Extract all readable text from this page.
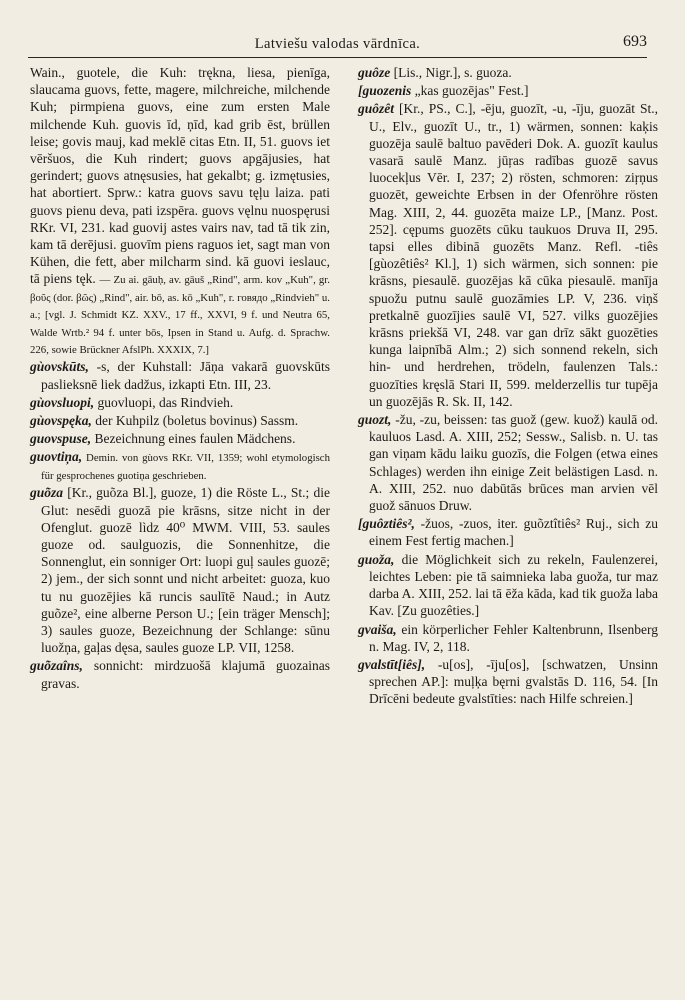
Latviešu valodas vārdnīca.	693
Wain., guotele, die Kuh: trękna, liesa, pienīga, slaucama guovs, fette, magere, milchreiche, milchende Kuh; pirmpiena guovs, eine zum ersten Male milchende Kuh. guovis īd, ņīd, kad grib ēst, brüllen leise; govis mauj, kad meklē citas Etn. II, 51. guovs iet vēršuos, die Kuh rindert; guovs apgājusies, hat gerindert; guovs atnęsusies, hat gekalbt; g. izmętusies, hat abortiert. Sprw.: katra guovs savu tęļu laiza. pati guovs pienu deva, pati izspēra. guovs vęlnu nuospęrusi RKr. VI, 231. kad guovij astes vairs nav, tad tā tik zin, kam tā derējusi. guovīm piens raguos iet, sagt man von Kühen, die fett, aber milcharm sind. kā guovi ieslauc, tā piens tęk. — Zu ai. gāuḥ, av. gāuš „Rind", arm. kov „Kuh", gr. βοῦς (dor. βῶς) „Rind", air. bō, as. kō „Kuh", r. говядо „Rindvieh" u. a.; [vgl. J. Schmidt KZ. XXV., 17 ff., XXVI, 9 f. und Neutra 65, Walde Wrtb.² 94 f. unter bōs, Ipsen in Stand u. Aufg. d. Sprachw. 226, sowie Brückner AfslPh. XXXIX, 7.]
gùovskūts, -s, der Kuhstall: Jāņa vakarā guovskūts paslieksnē liek dadžus, izkapti Etn. III, 23.
gùovsluopi, guovluopi, das Rindvieh.
gùovspęka, der Kuhpilz (boletus bovinus) Sassm.
guovspuse, Bezeichnung eines faulen Mädchens.
guovtiņa, Demin. von gùovs RKr. VII, 1359; wohl etymologisch für gesprochenes guotiņa geschrieben.
guõza [Kr., guõza Bl.], guoze, 1) die Röste L., St.; die Glut: nesēdi guozā pie krāsns, sitze nicht in der Ofenglut. guozē lìdz 40⁰ MWM. VIII, 53. saules guoze od. saulguozis, die Sonnenhitze, die Sonnenglut, ein sonniger Ort: luopi guļ saules guozē; 2) jem., der sich sonnt und nicht arbeitet: guoza, kuo tu nu guozējies kā runcis saulītē Naud.; in Autz guõze², eine alberne Person U.; [ein träger Mensch]; 3) saules guoze, Bezeichnung der Schlange: sūnu luožņa, gaļas dęsa, saules guoze LP. VII, 1258.
guõzaîns, sonnicht: mirdzuošā klajumā guozainas gravas.
guôze [Lis., Nigr.], s. guoza.
[guozenis „kas guozējas" Fest.]
guôzêt [Kr., PS., C.], -ēju, guozīt, -u, -īju, guozāt St., U., Elv., guozīt U., tr., 1) wärmen, sonnen: kaķis guozēja saulē baltuo pavēderi Dok. A. guozīt kaulus vasarā saulē Manz. jūŗas radības guozē savus luocekļus Vēr. I, 237; 2) rösten, schmoren: ziŗņus guozēt, geweichte Erbsen in der Ofenröhre rösten Mag. XIII, 2, 44. guozēta maize LP., [Manz. Post. 252]. cępums guozēts cūku taukuos Druva II, 295. tapsi elles dibinā guozēts Manz. Refl. -tiês [gùozêtiês² Kl.], 1) sich wärmen, sich sonnen: pie krāsns, piesaulē. guozējas kā cūka piesaulē. manīja spuožu putnu saulē guozāmies LP. V, 236. viņš pretkalnē guozījies saulē VI, 527. vilks guozējies krāsns priekšā VI, 248. var gan drīz sākt guozēties kunga laipnībā Alm.; 2) sich sonnend rekeln, sich hin- und herdrehen, trödeln, faulenzen Tals.: guozīties kręslā Stari II, 599. melderzellis tur tupēja un guozējās R. Sk. II, 142.
guozt, -žu, -zu, beissen: tas guož (gew. kuož) kaulā od. kauluos Lasd. A. XIII, 252; Sessw., Salisb. n. U. tas gan viņam kādu laiku guozīs, die Folgen (etwa eines Schlages) werden ihn einige Zeit belästigen Lasd. n. A. XIII, 252. nuo dabūtās brūces man arvien vēl guož sānuos Druw.
[guôztiês², -žuos, -zuos, iter. guõztîtiês² Ruj., sich zu einem Fest fertig machen.]
guoža, die Möglichkeit sich zu rekeln, Faulenzerei, leichtes Leben: pie tā saimnieka laba guoža, tur maz darba A. XIII, 252. lai tā ēža kāda, kad tik guoža laba Kav. [Zu guozêties.]
gvaiša, ein körperlicher Fehler Kaltenbrunn, Ilsenberg n. Mag. IV, 2, 118.
gvalstīt[iês], -u[os], -īju[os], [schwatzen, Unsinn sprechen AP.]: muļķa bęrni gvalstās D. 116, 54. [In Drīcēni bedeute gvalstīties: nach Hilfe schreien.]
